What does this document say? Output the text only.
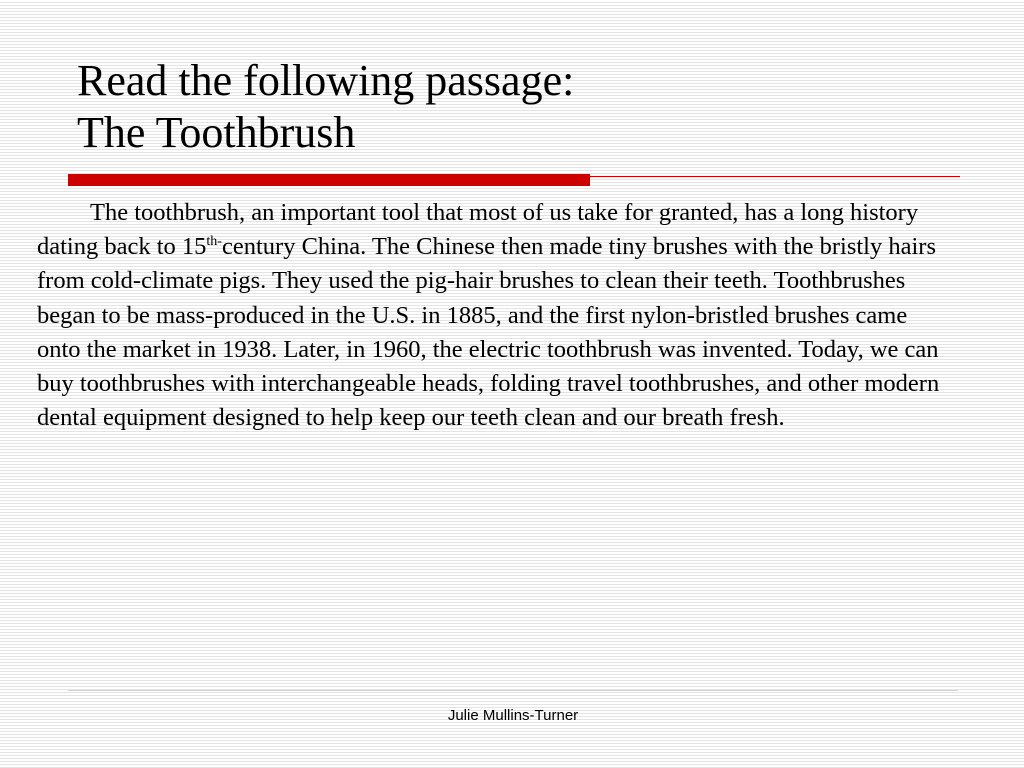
Read the following passage:
The Toothbrush

The toothbrush, an important tool that most of us take for granted, has a long history dating back to $15^{th-}century$ China. The Chinese then made tiny brushes with the bristly hairs from cold-climate pigs. They used the pig-hair brushes to clean their teeth. Toothbrushes began to be mass-produced in the U.S. in 1885, and the first nylon-bristled brushes came onto the market in 1938. Later, in 1960, the electric toothbrush was invented. Today, we can buy toothbrushes with interchangeable heads, folding travel toothbrushes, and other modern dental equipment designed to help keep our teeth clean and our breath fresh.

Julie Mullins-Turner
